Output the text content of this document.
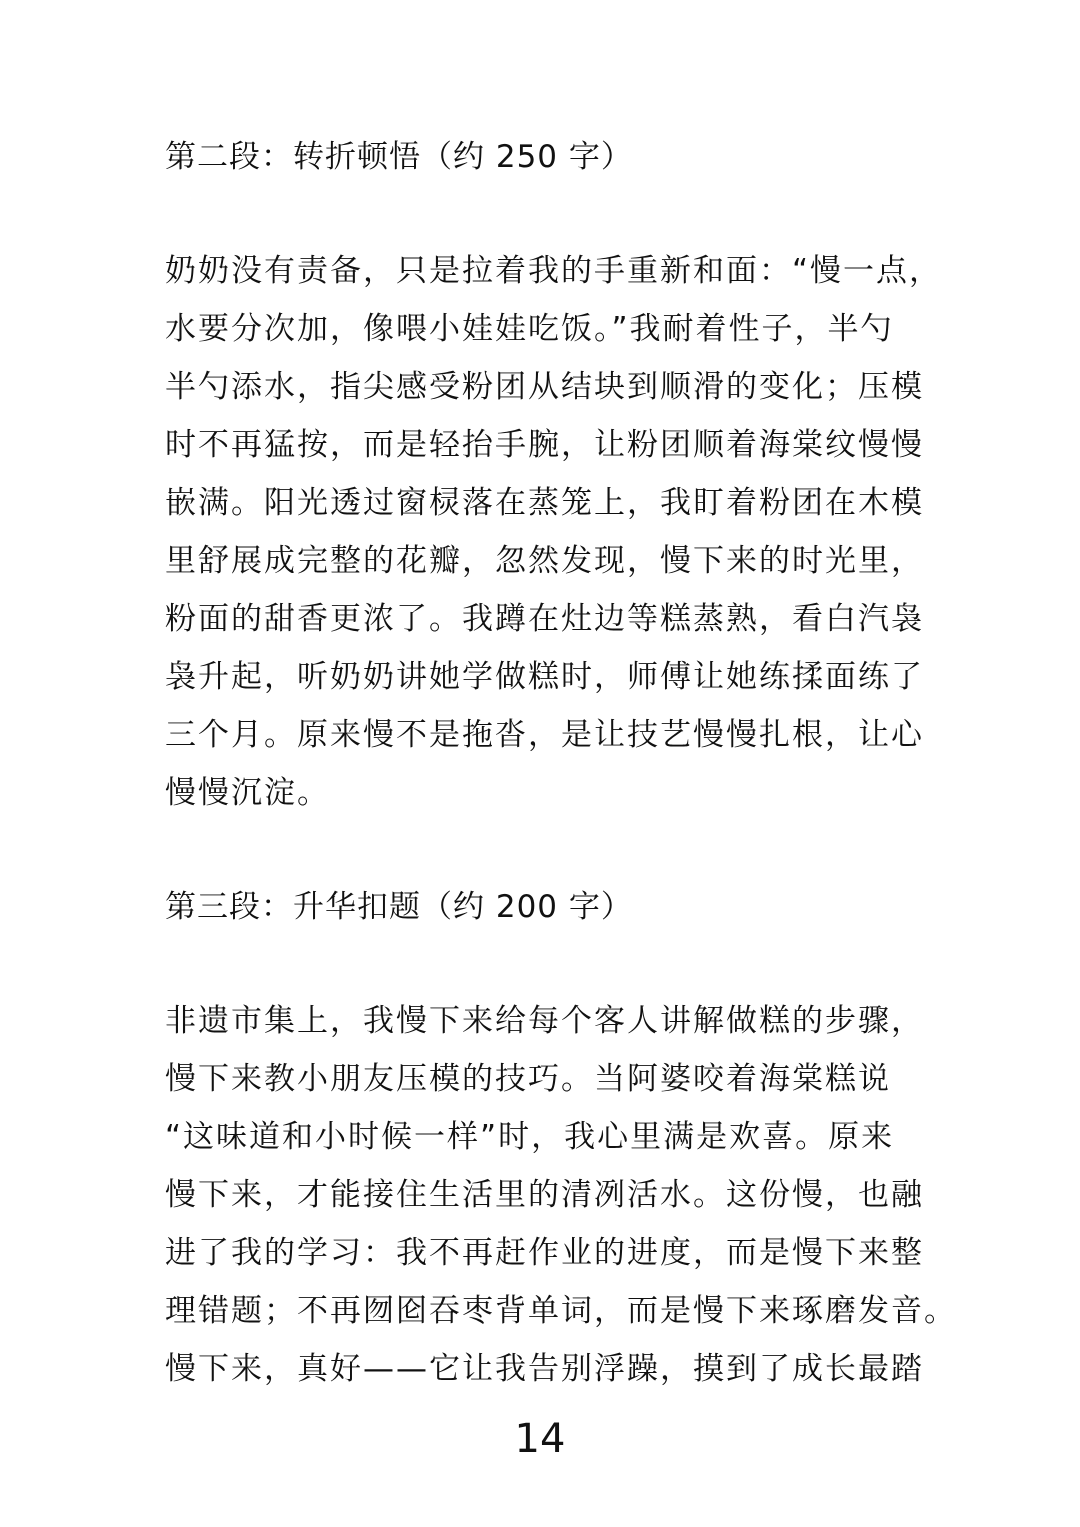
第二段：转折顿悟（约 250 字）

奶奶没有责备，只是拉着我的手重新和面：“慢一点，
水要分次加，像喂小娃娃吃饭。”我耐着性子，半勺
半勺添水，指尖感受粉团从结块到顺滑的变化；压模
时不再猛按，而是轻抬手腕，让粉团顺着海棠纹慢慢
嵌满。阳光透过窗棂落在蒸笼上，我盯着粉团在木模
里舒展成完整的花瓣，忽然发现，慢下来的时光里，
粉面的甜香更浓了。我蹲在灶边等糕蒸熟，看白汽袅
袅升起，听奶奶讲她学做糕时，师傅让她练揉面练了
三个月。原来慢不是拖沓，是让技艺慢慢扎根，让心
慢慢沉淀。

第三段：升华扣题（约 200 字）

非遗市集上，我慢下来给每个客人讲解做糕的步骤，
慢下来教小朋友压模的技巧。当阿婆咬着海棠糕说
“这味道和小时候一样”时，我心里满是欢喜。原来
慢下来，才能接住生活里的清冽活水。这份慢，也融
进了我的学习：我不再赶作业的进度，而是慢下来整
理错题；不再囫囵吞枣背单词，而是慢下来琢磨发音。
慢下来，真好——它让我告别浮躁，摸到了成长最踏

14
